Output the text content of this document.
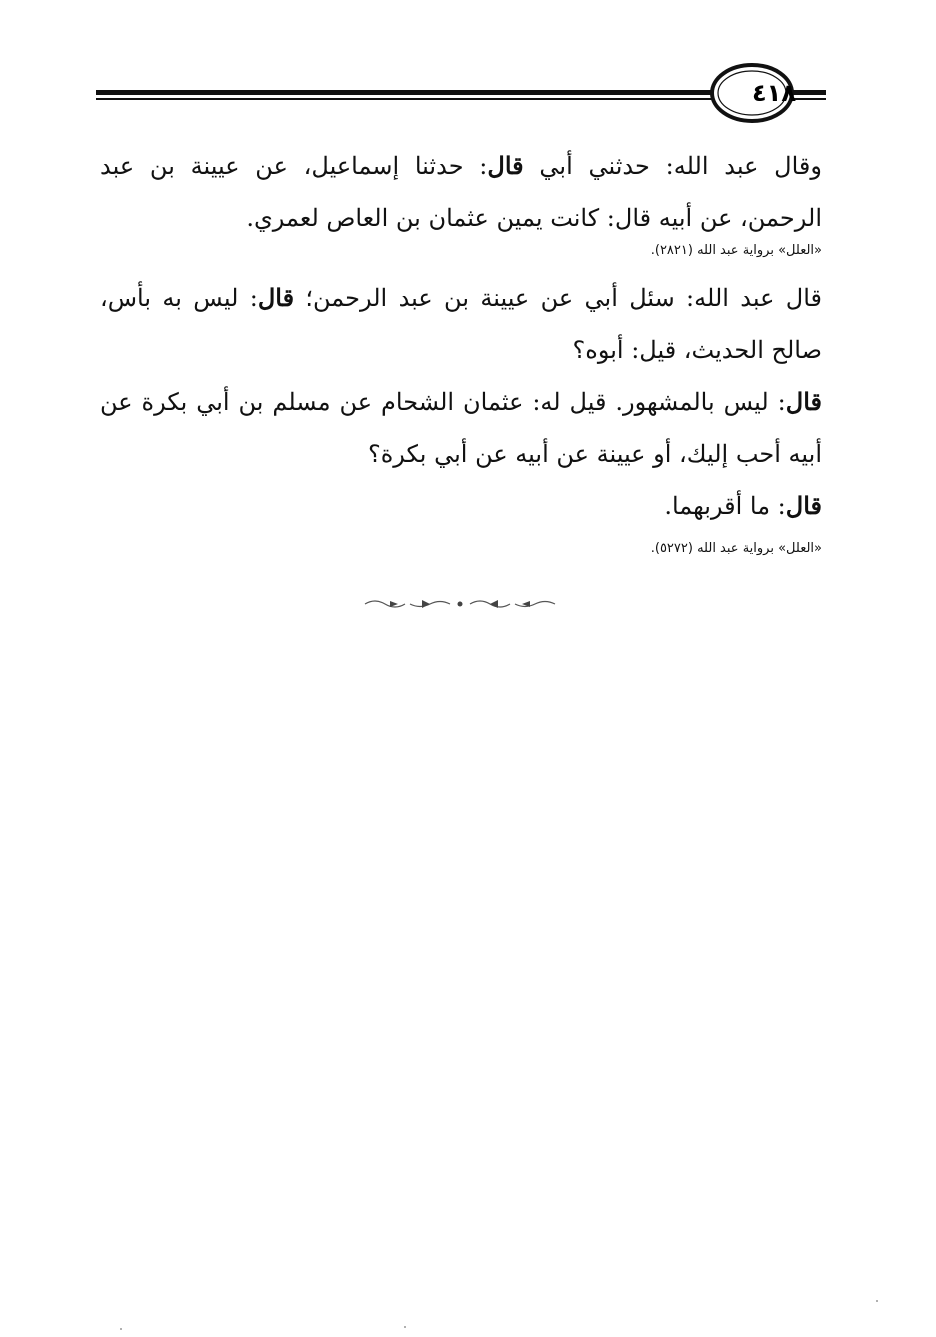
٤١٨

وقال عبد الله: حدثني أبي قال: حدثنا إسماعيل، عن عيينة بن عبد الرحمن، عن أبيه قال: كانت يمين عثمان بن العاص لعمري.

«العلل» برواية عبد الله (٢٨٢١).

قال عبد الله: سئل أبي عن عيينة بن عبد الرحمن؛ قال: ليس به بأس، صالح الحديث، قيل: أبوه؟

قال: ليس بالمشهور. قيل له: عثمان الشحام عن مسلم بن أبي بكرة عن أبيه أحب إليك، أو عيينة عن أبيه عن أبي بكرة؟

قال: ما أقربهما.

«العلل» برواية عبد الله (٥٢٧٢).
